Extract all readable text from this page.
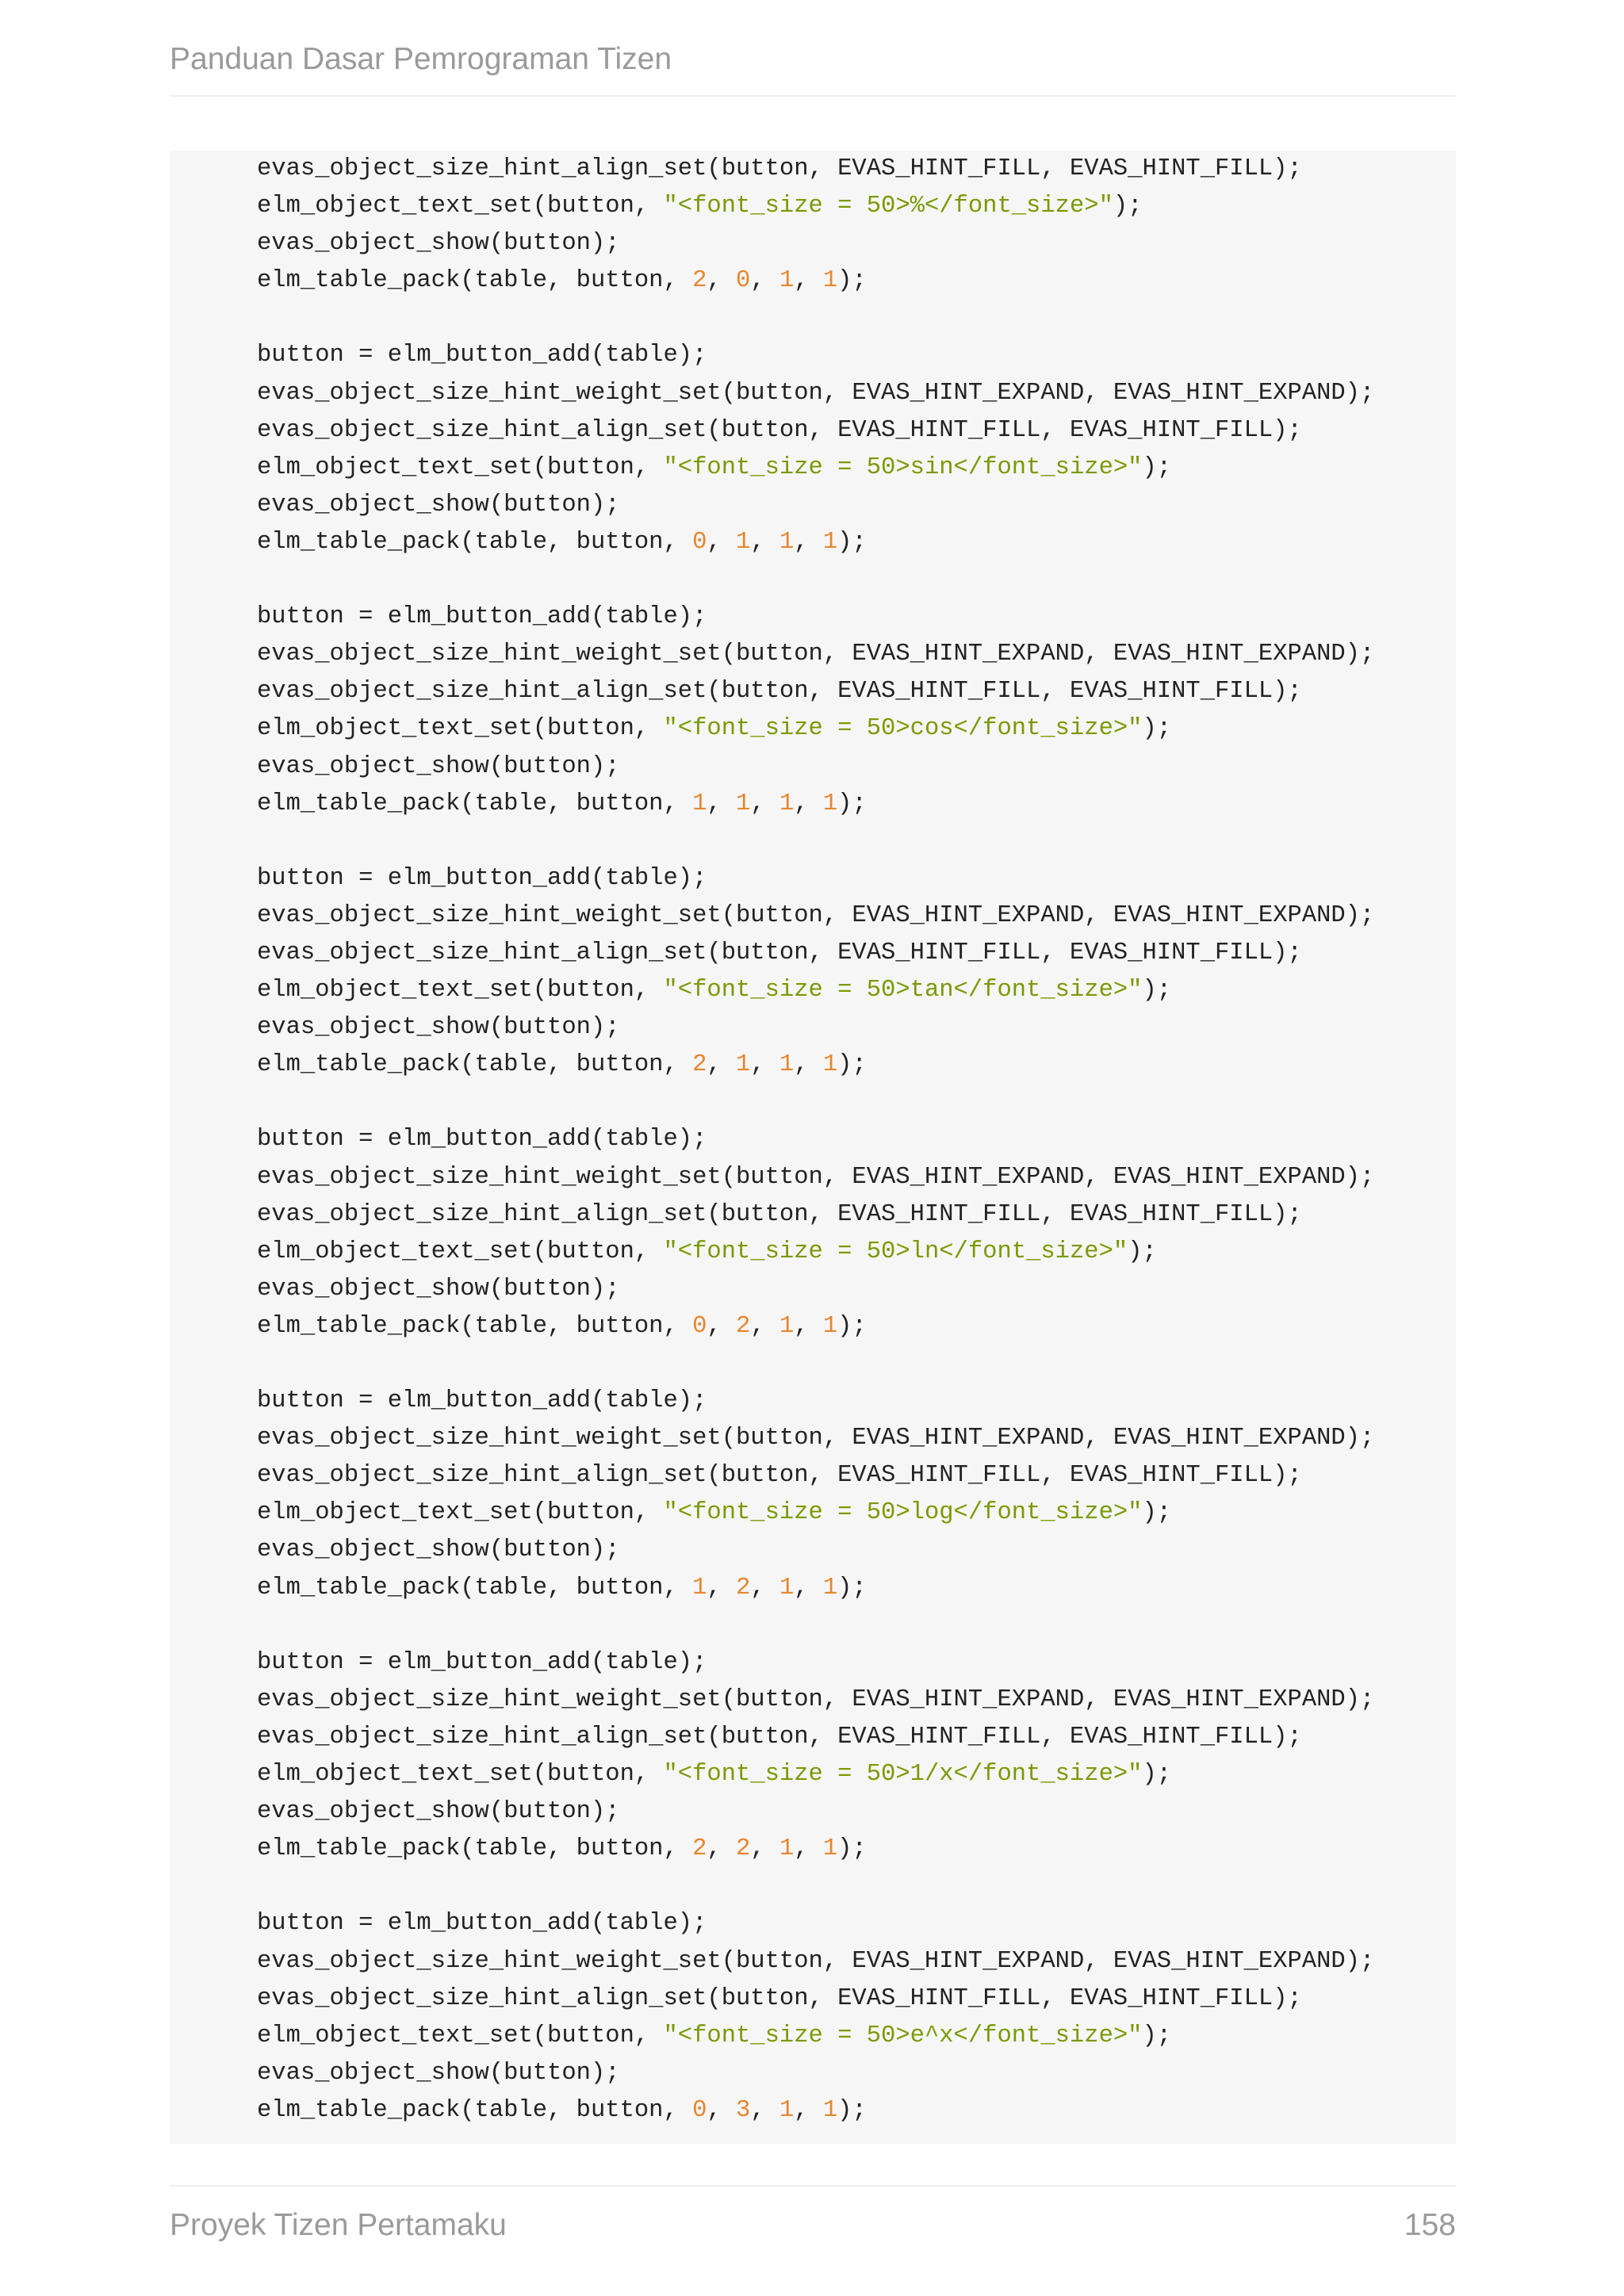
Panduan Dasar Pemrograman Tizen
evas_object_size_hint_align_set(button, EVAS_HINT_FILL, EVAS_HINT_FILL);
elm_object_text_set(button, "<font_size = 50>%</font_size>");
evas_object_show(button);
elm_table_pack(table, button, 2, 0, 1, 1);

button = elm_button_add(table);
evas_object_size_hint_weight_set(button, EVAS_HINT_EXPAND, EVAS_HINT_EXPAND);
evas_object_size_hint_align_set(button, EVAS_HINT_FILL, EVAS_HINT_FILL);
elm_object_text_set(button, "<font_size = 50>sin</font_size>");
evas_object_show(button);
elm_table_pack(table, button, 0, 1, 1, 1);

button = elm_button_add(table);
evas_object_size_hint_weight_set(button, EVAS_HINT_EXPAND, EVAS_HINT_EXPAND);
evas_object_size_hint_align_set(button, EVAS_HINT_FILL, EVAS_HINT_FILL);
elm_object_text_set(button, "<font_size = 50>cos</font_size>");
evas_object_show(button);
elm_table_pack(table, button, 1, 1, 1, 1);

button = elm_button_add(table);
evas_object_size_hint_weight_set(button, EVAS_HINT_EXPAND, EVAS_HINT_EXPAND);
evas_object_size_hint_align_set(button, EVAS_HINT_FILL, EVAS_HINT_FILL);
elm_object_text_set(button, "<font_size = 50>tan</font_size>");
evas_object_show(button);
elm_table_pack(table, button, 2, 1, 1, 1);

button = elm_button_add(table);
evas_object_size_hint_weight_set(button, EVAS_HINT_EXPAND, EVAS_HINT_EXPAND);
evas_object_size_hint_align_set(button, EVAS_HINT_FILL, EVAS_HINT_FILL);
elm_object_text_set(button, "<font_size = 50>ln</font_size>");
evas_object_show(button);
elm_table_pack(table, button, 0, 2, 1, 1);

button = elm_button_add(table);
evas_object_size_hint_weight_set(button, EVAS_HINT_EXPAND, EVAS_HINT_EXPAND);
evas_object_size_hint_align_set(button, EVAS_HINT_FILL, EVAS_HINT_FILL);
elm_object_text_set(button, "<font_size = 50>log</font_size>");
evas_object_show(button);
elm_table_pack(table, button, 1, 2, 1, 1);

button = elm_button_add(table);
evas_object_size_hint_weight_set(button, EVAS_HINT_EXPAND, EVAS_HINT_EXPAND);
evas_object_size_hint_align_set(button, EVAS_HINT_FILL, EVAS_HINT_FILL);
elm_object_text_set(button, "<font_size = 50>1/x</font_size>");
evas_object_show(button);
elm_table_pack(table, button, 2, 2, 1, 1);

button = elm_button_add(table);
evas_object_size_hint_weight_set(button, EVAS_HINT_EXPAND, EVAS_HINT_EXPAND);
evas_object_size_hint_align_set(button, EVAS_HINT_FILL, EVAS_HINT_FILL);
elm_object_text_set(button, "<font_size = 50>e^x</font_size>");
evas_object_show(button);
elm_table_pack(table, button, 0, 3, 1, 1);
Proyek Tizen Pertamaku	158
